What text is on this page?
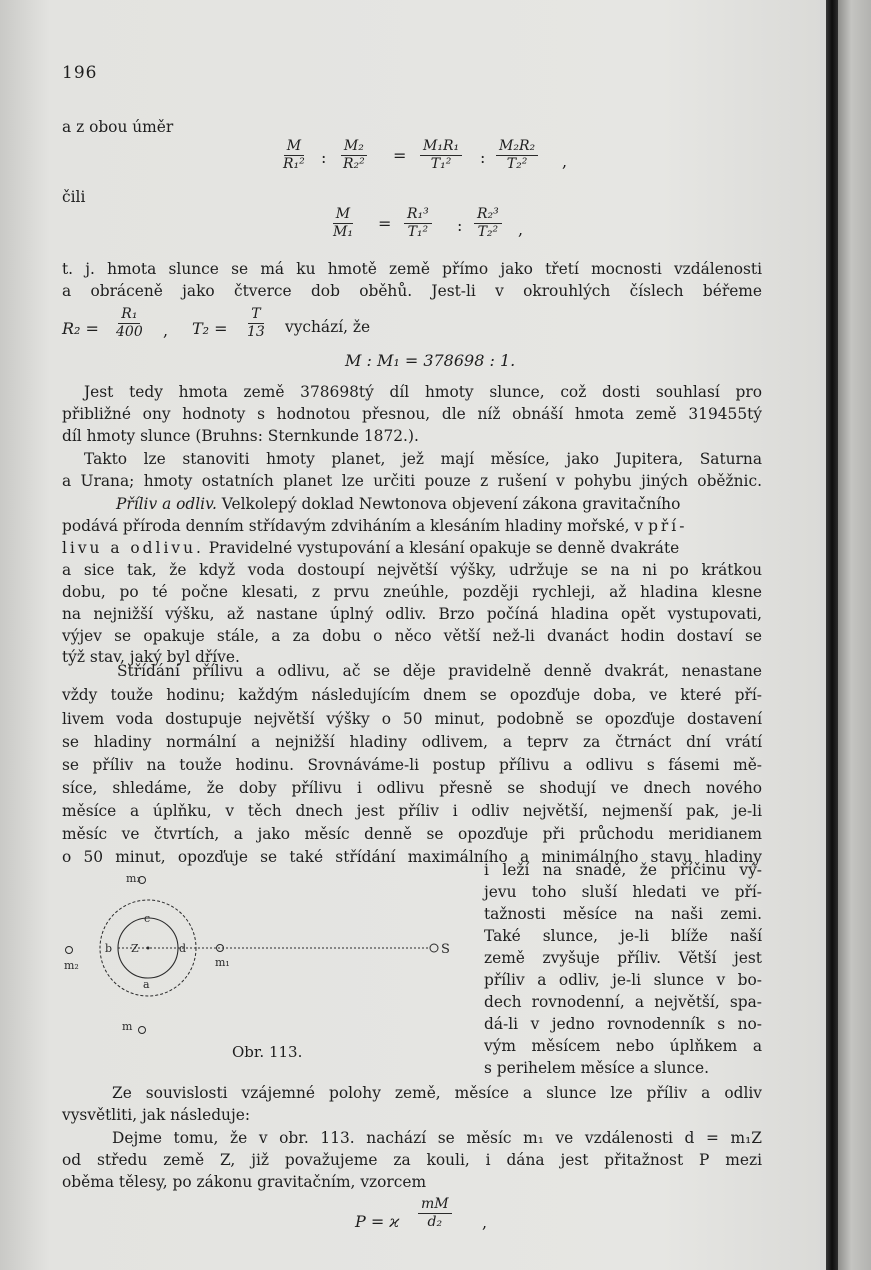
196
a z obou úměr
čili
$\frac{M}{\text{R₁²}}$ : $\frac{\text{M₂}}{\text{R₂²}} = \frac{\text{M₁R₁}}{\text{T₁²}}$ : $\frac{\text{M₂R₂}}{\text{T₂²}}$ ,
$\frac{M}{\text{M₁}} = \frac{\text{R₁³}}{\text{T₁²}}$ : $\frac{\text{R₂³}}{\text{T₂²}}$ ,
t. j. hmota slunce se má ku hmotě země přímo jako třetí mocnosti vzdálenosti
a obráceně jako čtverce dob oběhů. Jest-li v okrouhlých číslech béřeme
$R_2 = \frac{\text{R₁}}{400}$ , $T_2 = \frac{T}{13}$ vychází, že
M : M₁ = 378698 : 1.
Jest tedy hmota země 378698tý díl hmoty slunce, což dosti souhlasí pro
přibližné ony hodnoty s hodnotou přesnou, dle níž obnáší hmota země 319455tý
díl hmoty slunce (Bruhns: Sternkunde 1872.).
Takto lze stanoviti hmoty planet, jež mají měsíce, jako Jupitera, Saturna
a Urana; hmoty ostatních planet lze určiti pouze z rušení v pohybu jiných oběžnic.
Příliv a odliv. Velkolepý doklad Newtonova objevení zákona gravitačního
podává příroda denním střídavým zdviháním a klesáním hladiny mořské, v pří-
livu a odlivu. Pravidelné vystupování a klesání opakuje se denně dvakráte
a sice tak, že když voda dostoupí největší výšky, udržuje se na ni po krátkou
dobu, po té počne klesati, z prvu zneúhle, později rychleji, až hladina klesne
na nejnižší výšku, až nastane úplný odliv. Brzo počíná hladina opět vystupovati,
výjev se opakuje stále, a za dobu o něco větší než-li dvanáct hodin dostaví se
týž stav, jaký byl dříve.
Střídání přílivu a odlivu, ač se děje pravidelně denně dvakrát, nenastane
vždy touže hodinu; každým následujícím dnem se opozďuje doba, ve které pří-
livem voda dostupuje největší výšky o 50 minut, podobně se opozďuje dostavení
se hladiny normální a nejnižší hladiny odlivem, a teprv za čtrnáct dní vrátí
se příliv na touže hodinu. Srovnáváme-li postup přílivu a odlivu s fásemi mě-
síce, shledáme, že doby přílivu i odlivu přesně se shodují ve dnech nového
měsíce a úplňku, v těch dnech jest příliv i odliv největší, nejmenší pak, je-li
měsíc ve čtvrtích, a jako měsíc denně se opozďuje při průchodu meridianem
o 50 minut, opozďuje se také střídání maximálního a minimálního stavu hladiny
i leží na snadě, že příčinu vý-
jevu toho sluší hledati ve pří-
tažnosti měsíce na naši zemi.
Také slunce, je-li blíže naší
země zvyšuje příliv. Větší jest
příliv a odliv, je-li slunce v bo-
dech rovnodenní, a největší, spa-
dá-li v jedno rovnodenník s no-
vým měsícem nebo úplňkem a
s perihelem měsíce a slunce.
m₃
c
b Z	d
a
m₂	m₁
m
S
Obr. 113.
Ze souvislosti vzájemné polohy země, měsíce a slunce lze příliv a odliv
vysvětliti, jak následuje:
Dejme tomu, že v obr. 113. nachází se měsíc m₁ ve vzdálenosti d = m₁Z
od středu země Z, již považujeme za kouli, i dána jest přitažnost P mezi
oběma tělesy, po zákonu gravitačním, vzorcem
P = ϰ $\frac{mM}{\text{d₂}}$ ,
